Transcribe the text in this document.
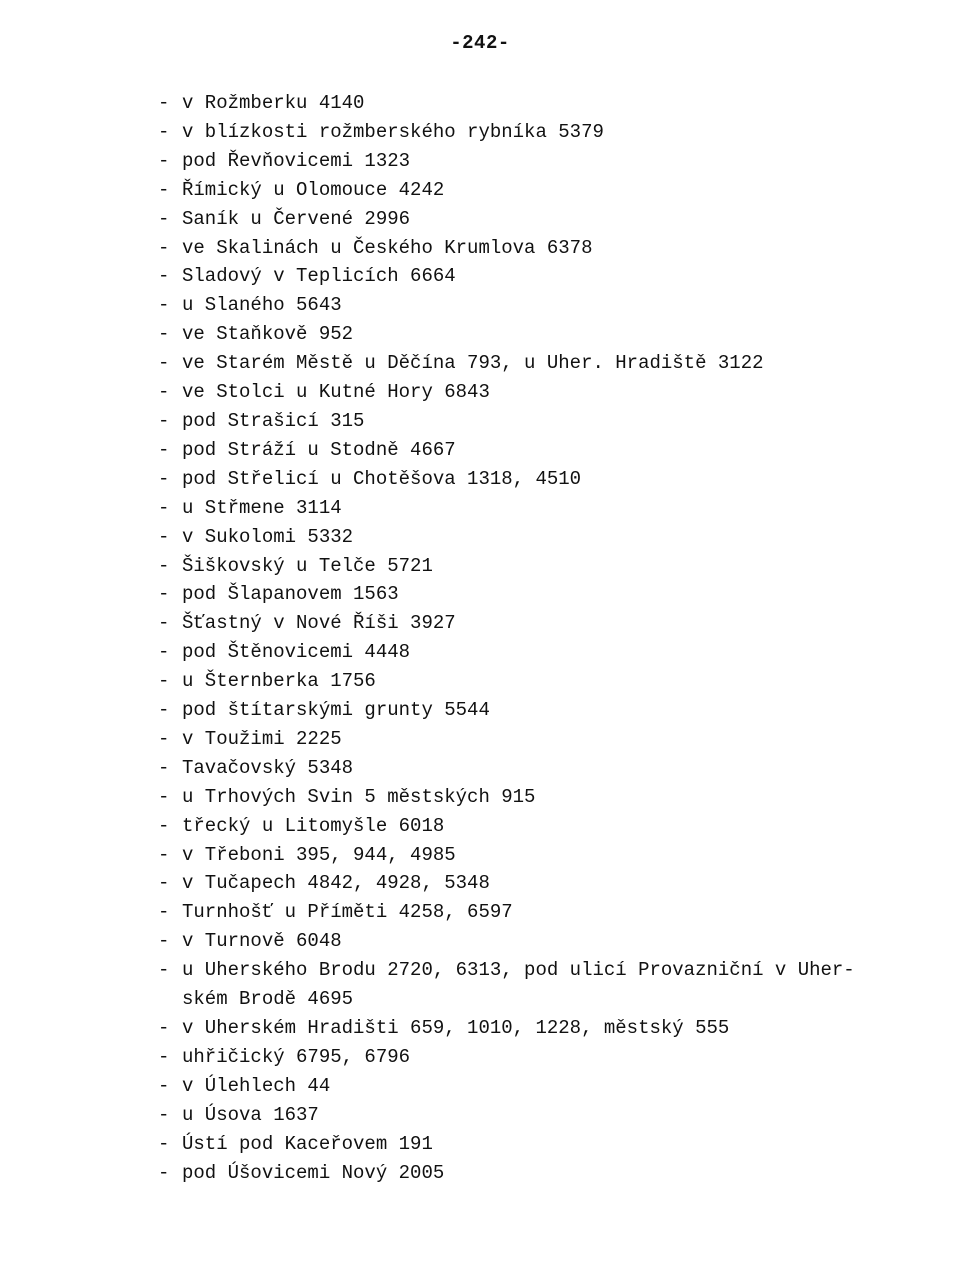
-242-
- v Rožmberku 4140
- v blízkosti rožmberského rybníka 5379
- pod Řevňovicemi 1323
- Římický u Olomouce 4242
- Saník u Červené 2996
- ve Skalinách u Českého Krumlova 6378
- Sladový v Teplicích 6664
- u Slaného 5643
- ve Staňkově 952
- ve Starém Městě u Děčína 793, u Uher. Hradiště 3122
- ve Stolci u Kutné Hory 6843
- pod Strašicí 315
- pod Stráží u Stodně 4667
- pod Střelicí u Chotěšova 1318, 4510
- u Střmene 3114
- v Sukolomi 5332
- Šiškovský u Telče 5721
- pod Šlapanovem 1563
- Šťastný v Nové Říši 3927
- pod Štěnovicemi 4448
- u Šternberka 1756
- pod štítarskými grunty 5544
- v Toužimi 2225
- Tavačovský 5348
- u Trhových Svin 5 městských 915
- třecký u Litomyšle 6018
- v Třeboni 395, 944, 4985
- v Tučapech 4842, 4928, 5348
- Turnhošť u Příměti 4258, 6597
- v Turnově 6048
- u Uherského Brodu 2720, 6313, pod ulicí Provazniční v Uher-ském Brodě 4695
- v Uherském Hradišti 659, 1010, 1228, městský 555
- uhřičický 6795, 6796
- v Úlehlech 44
- u Úsova 1637
- Ústí pod Kaceřovem 191
- pod Úšovicemi Nový 2005
